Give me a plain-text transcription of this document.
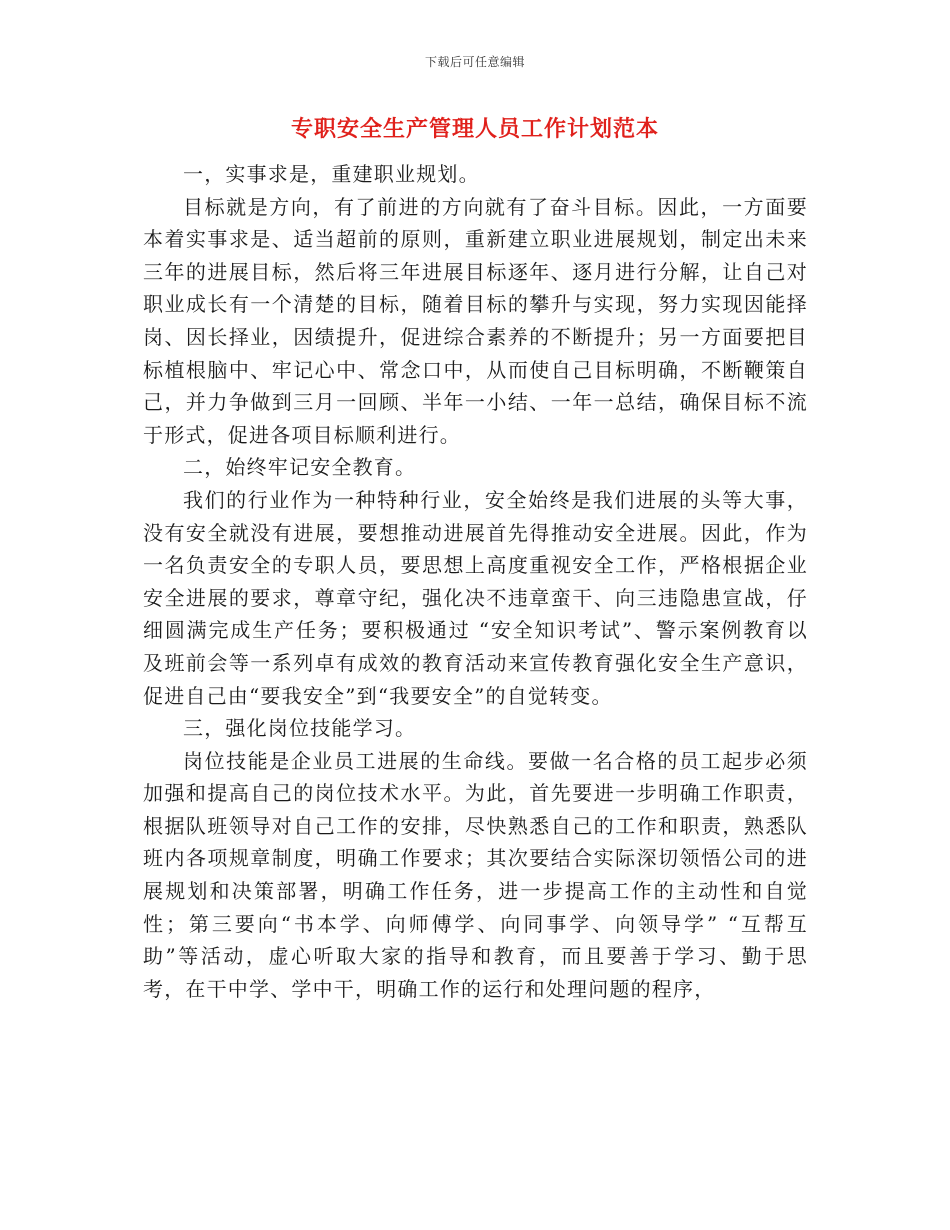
下载后可任意编辑
专职安全生产管理人员工作计划范本

一，实事求是，重建职业规划。

目标就是方向，有了前进的方向就有了奋斗目标。因此，一方面要本着实事求是、适当超前的原则，重新建立职业进展规划，制定出未来三年的进展目标，然后将三年进展目标逐年、逐月进行分解，让自己对职业成长有一个清楚的目标，随着目标的攀升与实现，努力实现因能择岗、因长择业，因绩提升，促进综合素养的不断提升；另一方面要把目标植根脑中、牢记心中、常念口中，从而使自己目标明确，不断鞭策自己，并力争做到三月一回顾、半年一小结、一年一总结，确保目标不流于形式，促进各项目标顺利进行。

二，始终牢记安全教育。

我们的行业作为一种特种行业，安全始终是我们进展的头等大事，没有安全就没有进展，要想推动进展首先得推动安全进展。因此，作为一名负责安全的专职人员，要思想上高度重视安全工作，严格根据企业安全进展的要求，尊章守纪，强化决不违章蛮干、向三违隐患宣战，仔细圆满完成生产任务；要积极通过 “安全知识考试”、警示案例教育以及班前会等一系列卓有成效的教育活动来宣传教育强化安全生产意识，促进自己由“要我安全”到“我要安全”的自觉转变。

三，强化岗位技能学习。

岗位技能是企业员工进展的生命线。要做一名合格的员工起步必须加强和提高自己的岗位技术水平。为此，首先要进一步明确工作职责，根据队班领导对自己工作的安排，尽快熟悉自己的工作和职责，熟悉队班内各项规章制度，明确工作要求；其次要结合实际深切领悟公司的进展规划和决策部署，明确工作任务，进一步提高工作的主动性和自觉性；第三要向“书本学、向师傅学、向同事学、向领导学” “互帮互助”等活动，虚心听取大家的指导和教育，而且要善于学习、勤于思考，在干中学、学中干，明确工作的运行和处理问题的程序，
